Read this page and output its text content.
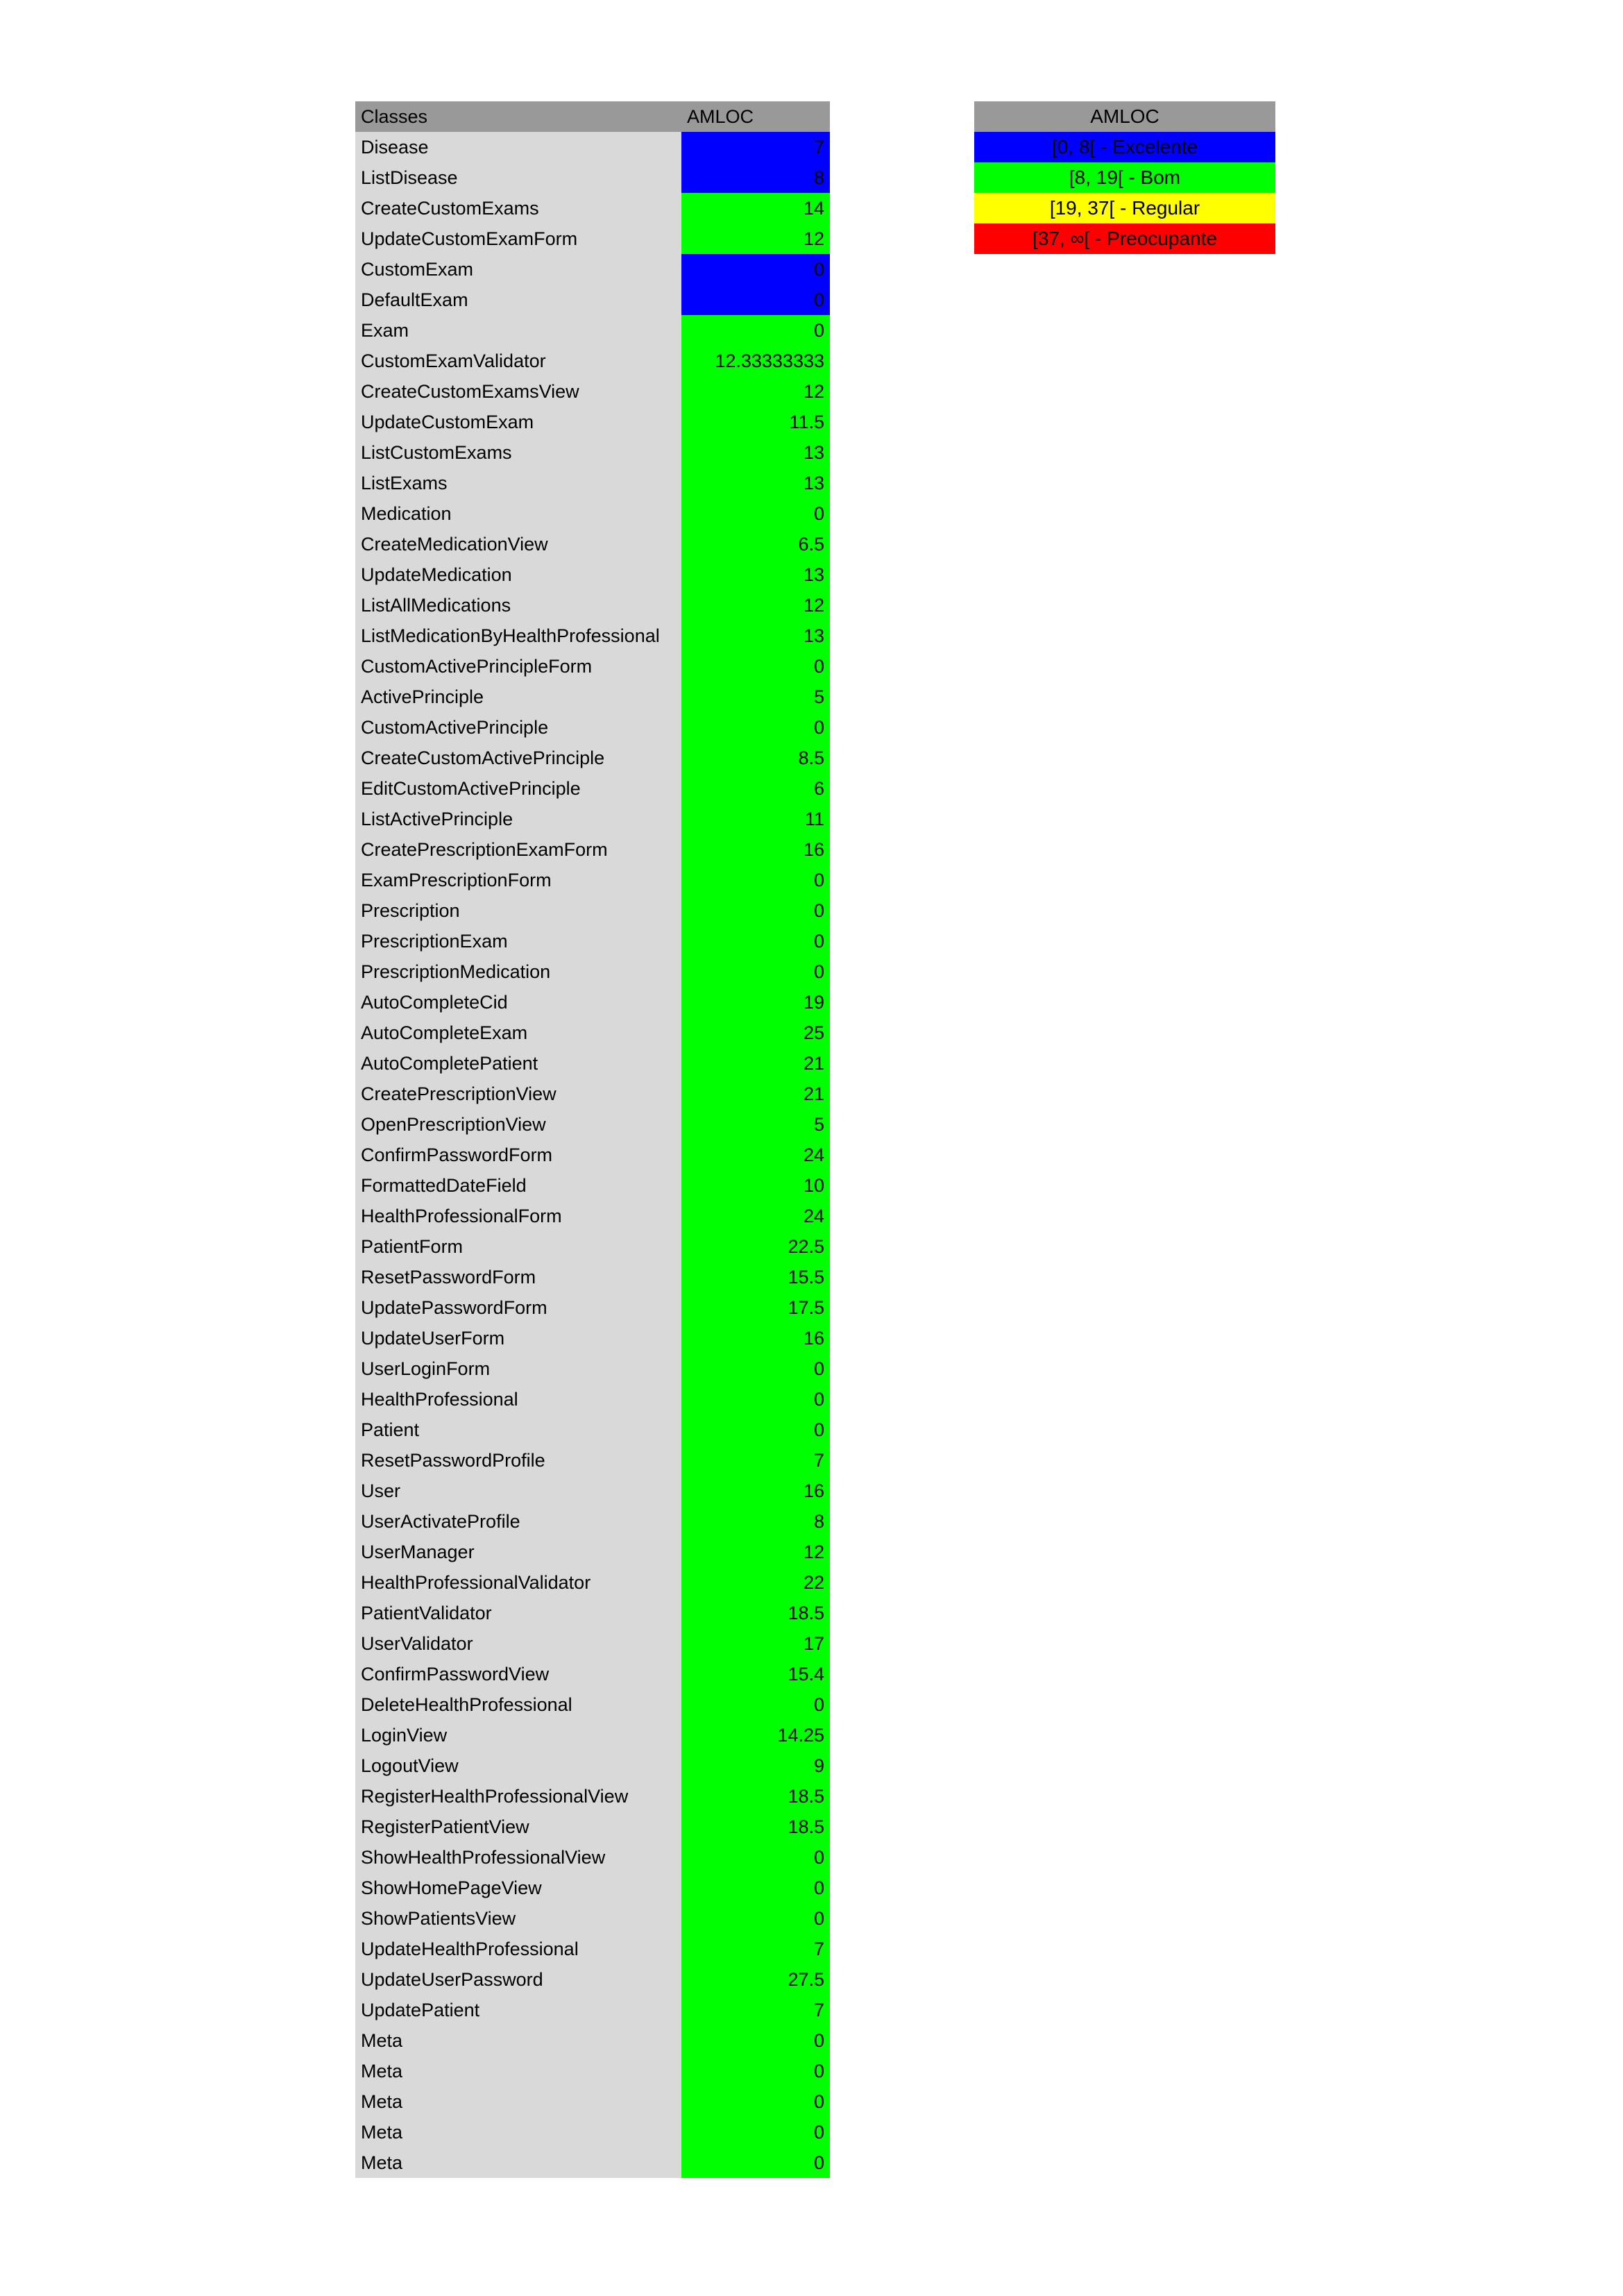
Classes	AMLOC
Disease	7
ListDisease	8
CreateCustomExams	14
UpdateCustomExamForm	12
CustomExam	0
DefaultExam	0
Exam	0
CustomExamValidator	12.33333333
CreateCustomExamsView	12
UpdateCustomExam	11.5
ListCustomExams	13
ListExams	13
Medication	0
CreateMedicationView	6.5
UpdateMedication	13
ListAllMedications	12
ListMedicationByHealthProfessional	13
CustomActivePrincipleForm	0
ActivePrinciple	5
CustomActivePrinciple	0
CreateCustomActivePrinciple	8.5
EditCustomActivePrinciple	6
ListActivePrinciple	11
CreatePrescriptionExamForm	16
ExamPrescriptionForm	0
Prescription	0
PrescriptionExam	0
PrescriptionMedication	0
AutoCompleteCid	19
AutoCompleteExam	25
AutoCompletePatient	21
CreatePrescriptionView	21
OpenPrescriptionView	5
ConfirmPasswordForm	24
FormattedDateField	10
HealthProfessionalForm	24
PatientForm	22.5
ResetPasswordForm	15.5
UpdatePasswordForm	17.5
UpdateUserForm	16
UserLoginForm	0
HealthProfessional	0
Patient	0
ResetPasswordProfile	7
User	16
UserActivateProfile	8
UserManager	12
HealthProfessionalValidator	22
PatientValidator	18.5
UserValidator	17
ConfirmPasswordView	15.4
DeleteHealthProfessional	0
LoginView	14.25
LogoutView	9
RegisterHealthProfessionalView	18.5
RegisterPatientView	18.5
ShowHealthProfessionalView	0
ShowHomePageView	0
ShowPatientsView	0
UpdateHealthProfessional	7
UpdateUserPassword	27.5
UpdatePatient	7
Meta	0
Meta	0
Meta	0
Meta	0
Meta	0
AMLOC
[0, 8[ - Excelente
[8, 19[ - Bom
[19, 37[ - Regular
[37, ∞[ - Preocupante
